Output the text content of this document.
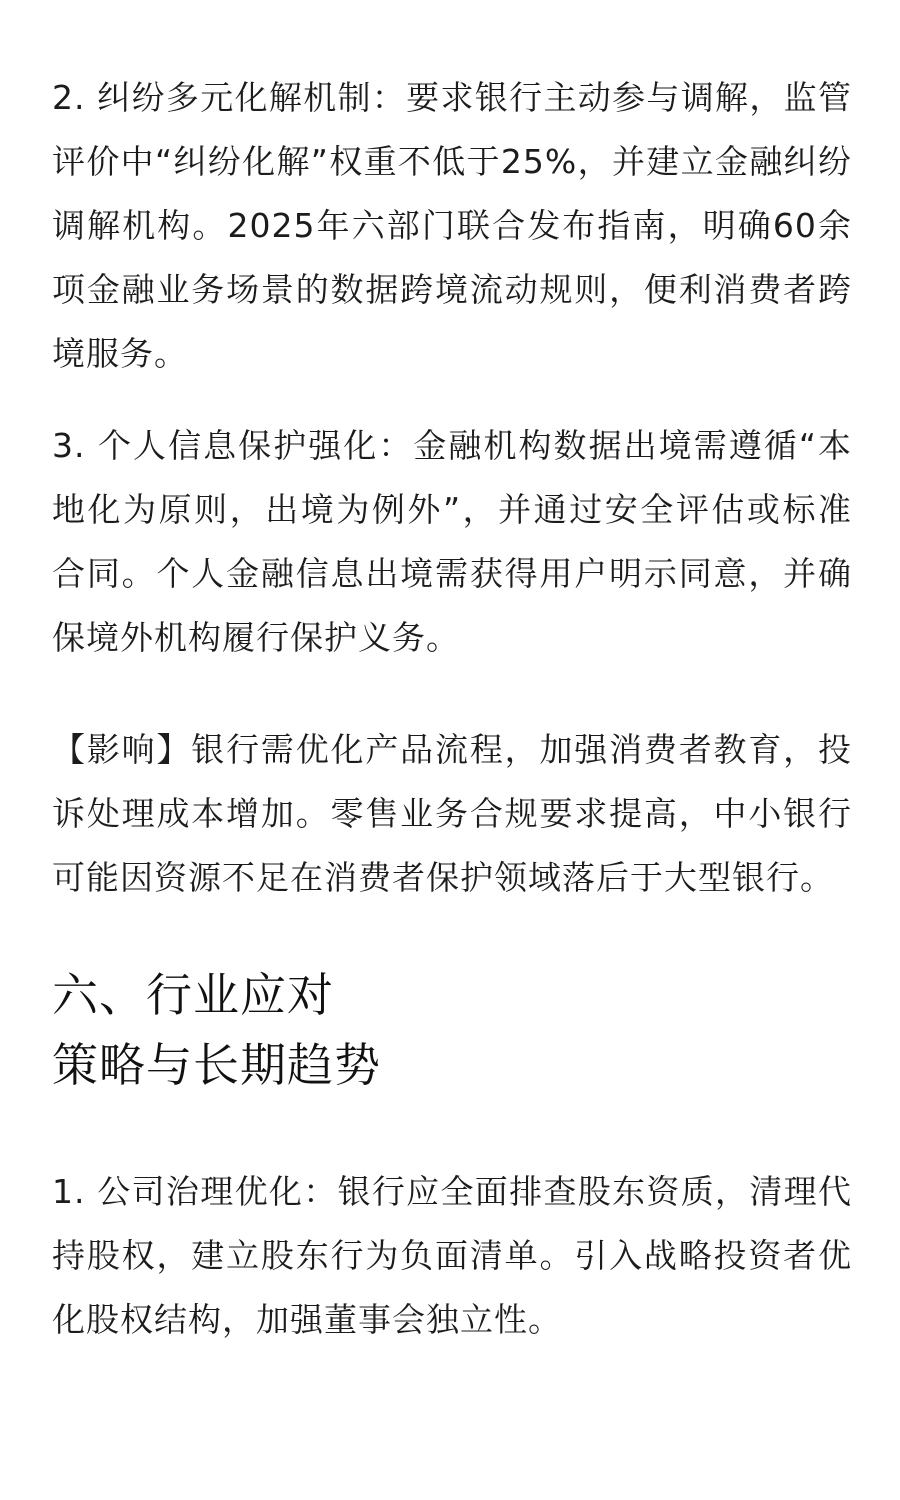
2. 纠纷多元化解机制：要求银行主动参与调解，监管评价中“纠纷化解”权重不低于25%，并建立金融纠纷调解机构。2025年六部门联合发布指南，明确60余项金融业务场景的数据跨境流动规则，便利消费者跨境服务。

3. 个人信息保护强化：金融机构数据出境需遵循“本地化为原则，出境为例外”，并通过安全评估或标准合同。个人金融信息出境需获得用户明示同意，并确保境外机构履行保护义务。

【影响】银行需优化产品流程，加强消费者教育，投诉处理成本增加。零售业务合规要求提高，中小银行可能因资源不足在消费者保护领域落后于大型银行。

六、行业应对
策略与长期趋势

1. 公司治理优化：银行应全面排查股东资质，清理代持股权，建立股东行为负面清单。引入战略投资者优化股权结构，加强董事会独立性。
